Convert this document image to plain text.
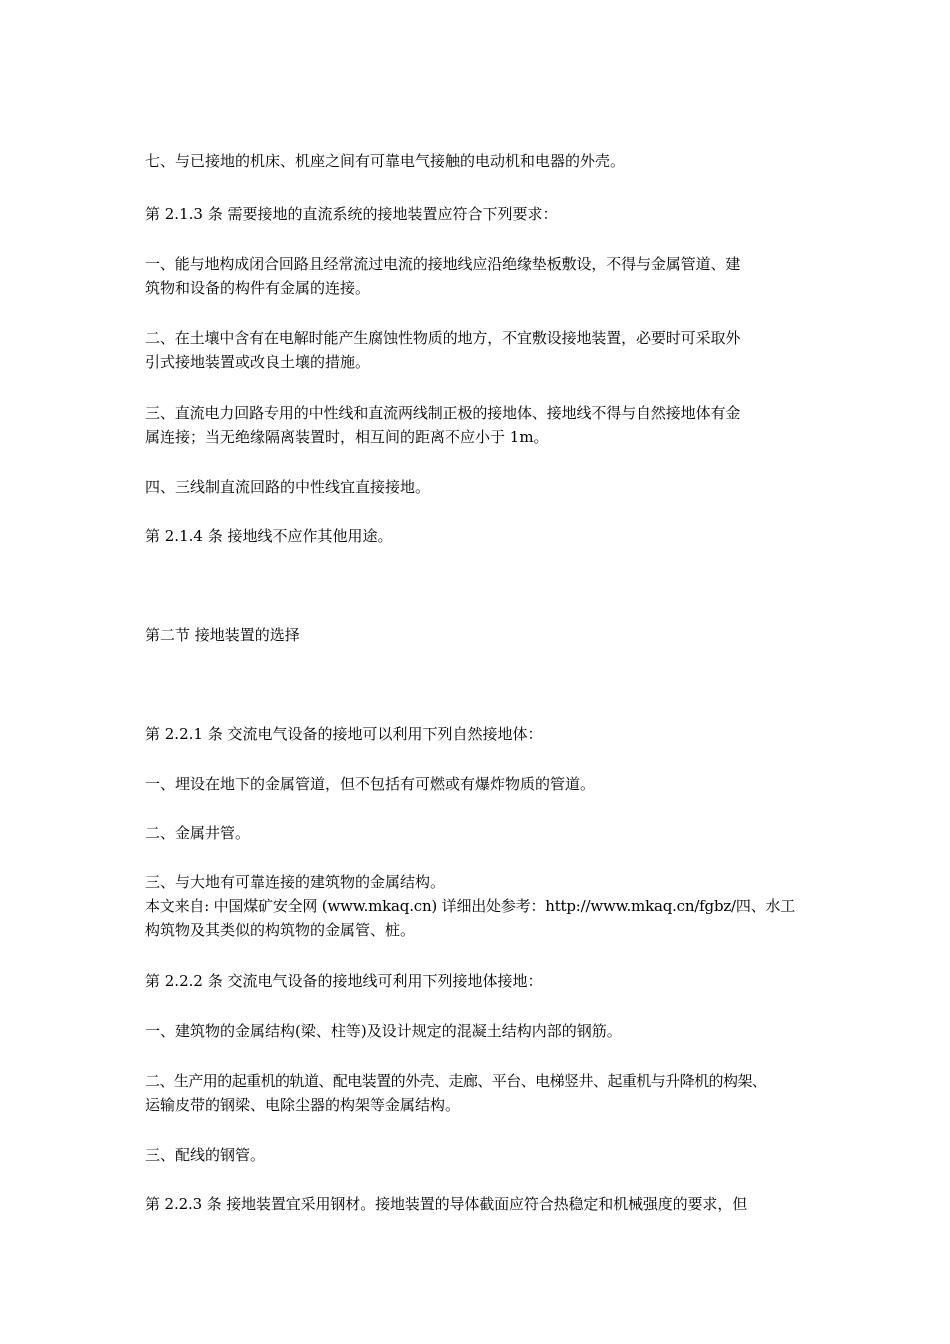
七、与已接地的机床、机座之间有可靠电气接触的电动机和电器的外壳。

第 2.1.3 条 需要接地的直流系统的接地装置应符合下列要求：

一、能与地构成闭合回路且经常流过电流的接地线应沿绝缘垫板敷设，不得与金属管道、建
筑物和设备的构件有金属的连接。

二、在土壤中含有在电解时能产生腐蚀性物质的地方，不宜敷设接地装置，必要时可采取外
引式接地装置或改良土壤的措施。

三、直流电力回路专用的中性线和直流两线制正极的接地体、接地线不得与自然接地体有金
属连接；当无绝缘隔离装置时，相互间的距离不应小于 1m。

四、三线制直流回路的中性线宜直接接地。

第 2.1.4 条 接地线不应作其他用途。

第二节 接地装置的选择

第 2.2.1 条 交流电气设备的接地可以利用下列自然接地体：

一、埋设在地下的金属管道，但不包括有可燃或有爆炸物质的管道。

二、金属井管。

三、与大地有可靠连接的建筑物的金属结构。
本文来自: 中国煤矿安全网 (www.mkaq.cn) 详细出处参考：http://www.mkaq.cn/fgbz/四、水工
构筑物及其类似的构筑物的金属管、桩。

第 2.2.2 条 交流电气设备的接地线可利用下列接地体接地：

一、建筑物的金属结构(梁、柱等)及设计规定的混凝土结构内部的钢筋。

二、生产用的起重机的轨道、配电装置的外壳、走廊、平台、电梯竖井、起重机与升降机的构架、
运输皮带的钢梁、电除尘器的构架等金属结构。

三、配线的钢管。

第 2.2.3 条 接地装置宜采用钢材。接地装置的导体截面应符合热稳定和机械强度的要求，但
